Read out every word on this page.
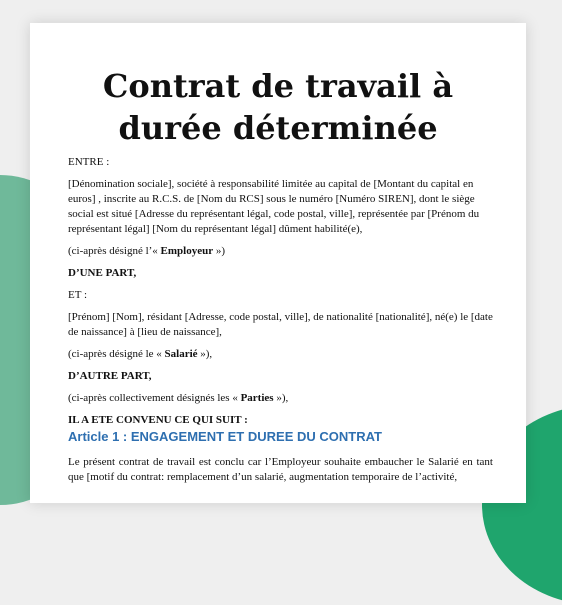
Contrat de travail à
durée déterminée

ENTRE :

[Dénomination sociale], société à responsabilité limitée au capital de [Montant du capital en euros] , inscrite au R.C.S. de [Nom du RCS] sous le numéro [Numéro SIREN], dont le siège social est situé [Adresse du représentant légal, code postal, ville], représentée par [Prénom du représentant légal] [Nom du représentant légal] dûment habilité(e),

(ci-après désigné l’« Employeur »)

D’UNE PART,

ET :

[Prénom] [Nom], résidant [Adresse, code postal, ville], de nationalité [nationalité], né(e) le [date de naissance] à [lieu de naissance],

(ci-après désigné le « Salarié »),

D’AUTRE PART,

(ci-après collectivement désignés les « Parties »),

IL A ETE CONVENU CE QUI SUIT :

Article 1 : ENGAGEMENT ET DUREE DU CONTRAT

Le présent contrat de travail est conclu car l’Employeur souhaite embaucher le Salarié en tant que [motif du contrat: remplacement d’un salarié, augmentation temporaire de l’activité,
